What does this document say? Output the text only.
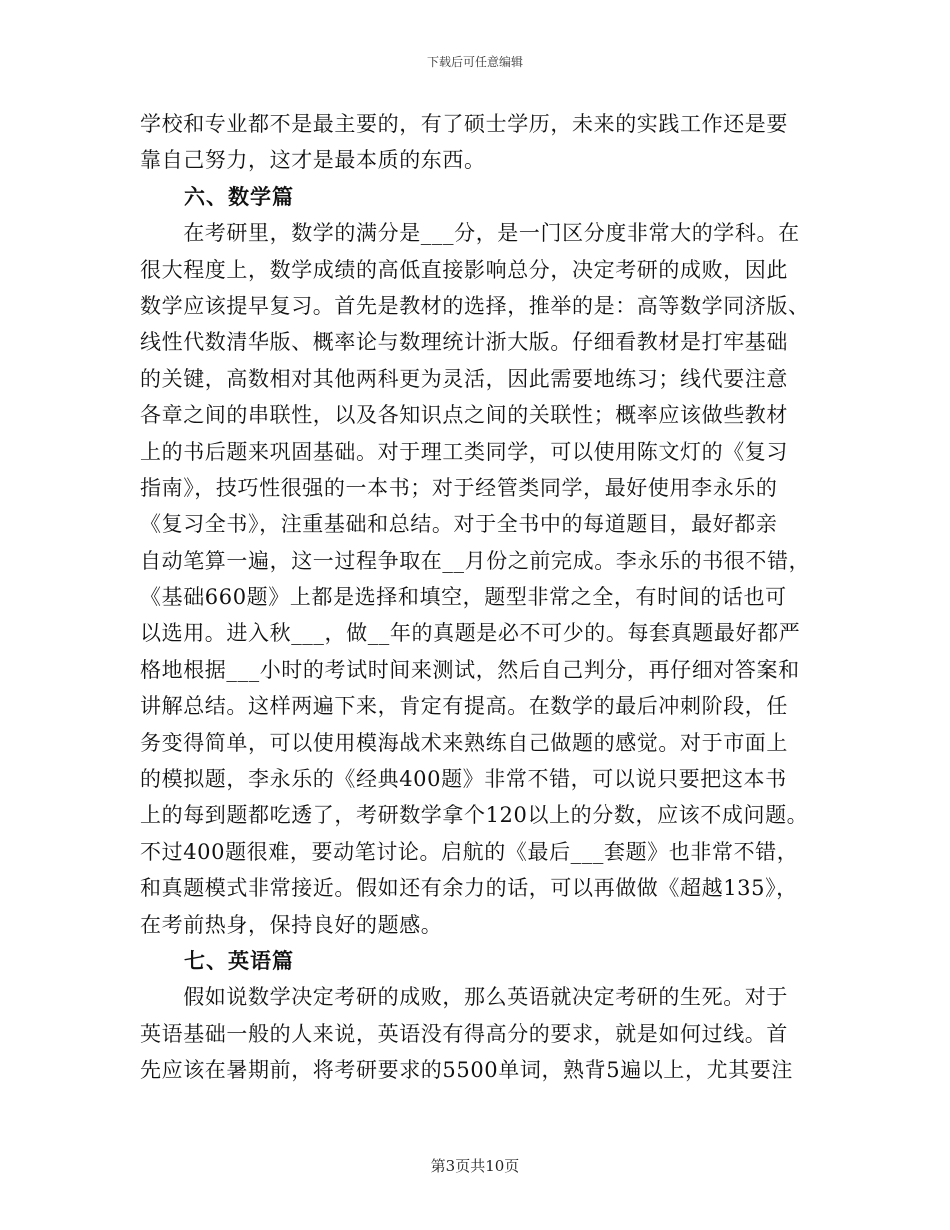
下载后可任意编辑
学校和专业都不是最主要的，有了硕士学历，未来的实践工作还是要
靠自己努力，这才是最本质的东西。
六、数学篇
　　在考研里，数学的满分是___分，是一门区分度非常大的学科。在
很大程度上，数学成绩的高低直接影响总分，决定考研的成败，因此
数学应该提早复习。首先是教材的选择，推举的是：高等数学同济版、
线性代数清华版、概率论与数理统计浙大版。仔细看教材是打牢基础
的关键，高数相对其他两科更为灵活，因此需要地练习；线代要注意
各章之间的串联性，以及各知识点之间的关联性；概率应该做些教材
上的书后题来巩固基础。对于理工类同学，可以使用陈文灯的《复习
指南》，技巧性很强的一本书；对于经管类同学，最好使用李永乐的
《复习全书》，注重基础和总结。对于全书中的每道题目，最好都亲
自动笔算一遍，这一过程争取在__月份之前完成。李永乐的书很不错，
《基础660题》上都是选择和填空，题型非常之全，有时间的话也可
以选用。进入秋___，做__年的真题是必不可少的。每套真题最好都严
格地根据___小时的考试时间来测试，然后自己判分，再仔细对答案和
讲解总结。这样两遍下来，肯定有提高。在数学的最后冲刺阶段，任
务变得简单，可以使用模海战术来熟练自己做题的感觉。对于市面上
的模拟题，李永乐的《经典400题》非常不错，可以说只要把这本书
上的每到题都吃透了，考研数学拿个120以上的分数，应该不成问题。
不过400题很难，要动笔讨论。启航的《最后___套题》也非常不错，
和真题模式非常接近。假如还有余力的话，可以再做做《超越135》，
在考前热身，保持良好的题感。
七、英语篇
　　假如说数学决定考研的成败，那么英语就决定考研的生死。对于
英语基础一般的人来说，英语没有得高分的要求，就是如何过线。首
先应该在暑期前，将考研要求的5500单词，熟背5遍以上，尤其要注
第3页共10页
